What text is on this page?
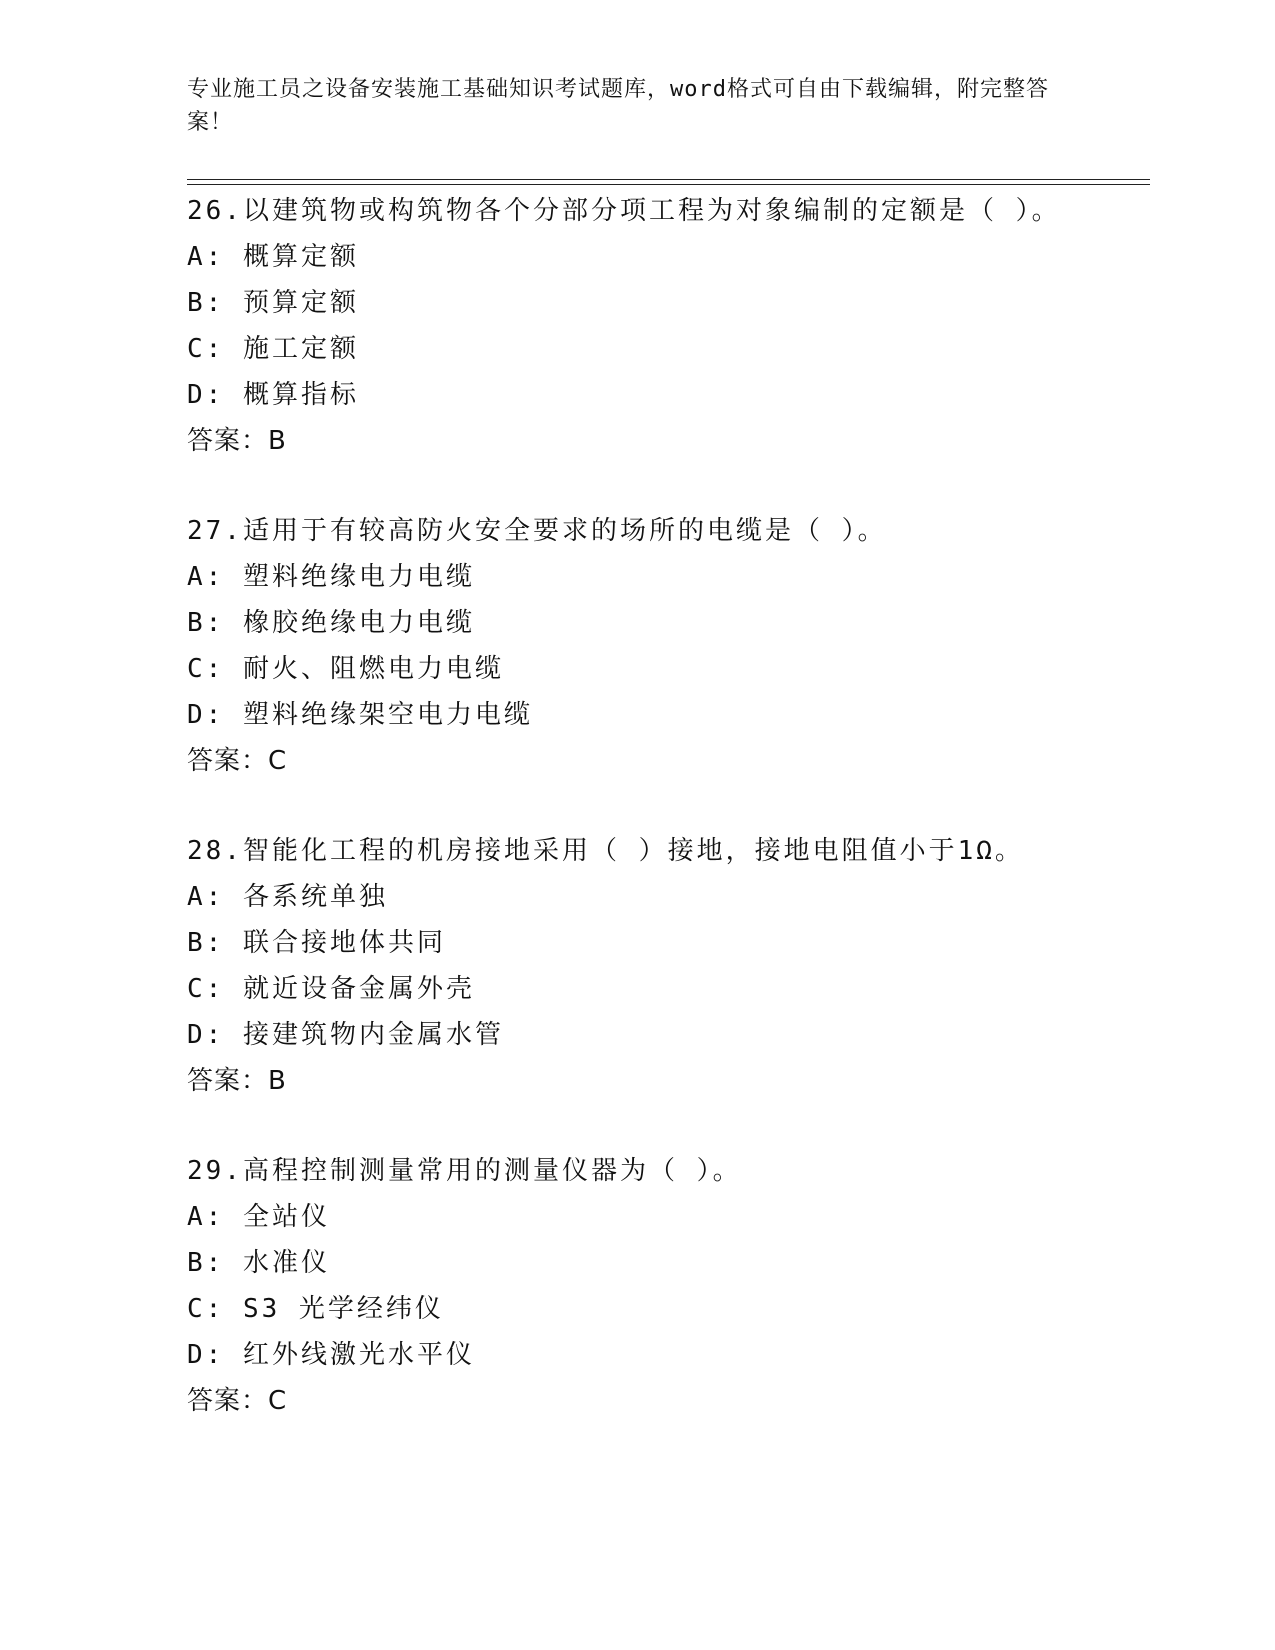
专业施工员之设备安装施工基础知识考试题库，word格式可自由下载编辑，附完整答案！
26.以建筑物或构筑物各个分部分项工程为对象编制的定额是（ ）。
A: 概算定额
B: 预算定额
C: 施工定额
D: 概算指标
答案：B
27.适用于有较高防火安全要求的场所的电缆是（ ）。
A: 塑料绝缘电力电缆
B: 橡胶绝缘电力电缆
C: 耐火、阻燃电力电缆
D: 塑料绝缘架空电力电缆
答案：C
28.智能化工程的机房接地采用（ ）接地，接地电阻值小于1Ω。
A: 各系统单独
B: 联合接地体共同
C: 就近设备金属外壳
D: 接建筑物内金属水管
答案：B
29.高程控制测量常用的测量仪器为（ ）。
A: 全站仪
B: 水准仪
C: S3 光学经纬仪
D: 红外线激光水平仪
答案：C
